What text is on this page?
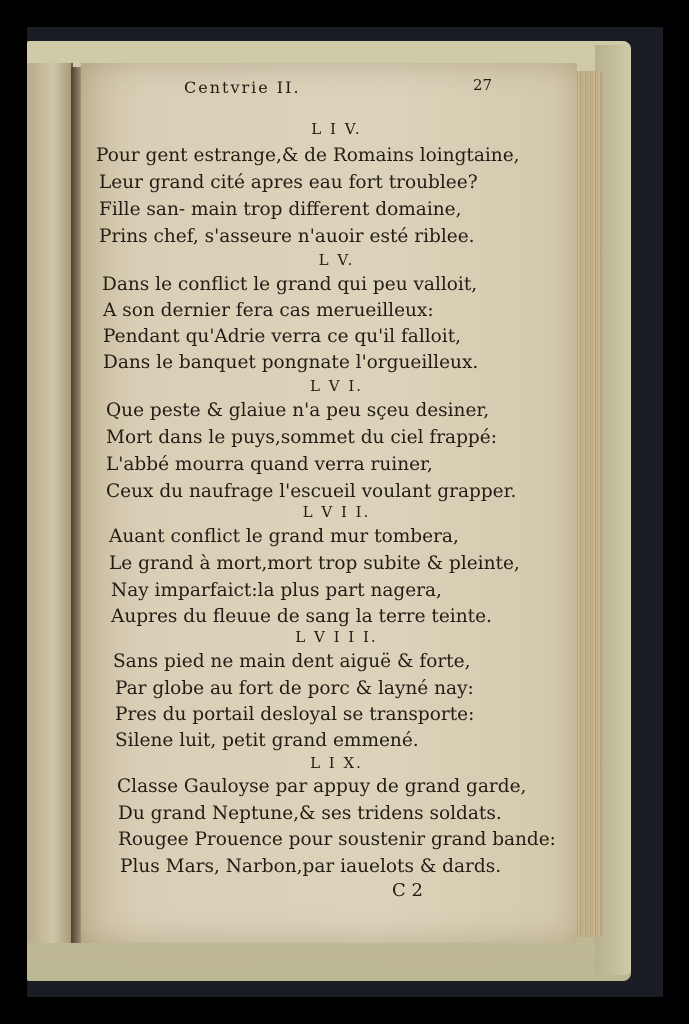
Centvrie II.	27
L I V.
Pour gent estrange,& de Romains loingtaine,
Leur grand cité apres eau fort troublee?
Fille san- main trop different domaine,
Prins chef, s'asseure n'auoir esté riblee.
L V.
Dans le conflict le grand qui peu valloit,
A son dernier fera cas merueilleux:
Pendant qu'Adrie verra ce qu'il falloit,
Dans le banquet pongnate l'orgueilleux.
L V I.
Que peste & glaiue n'a peu sçeu desiner,
Mort dans le puys,sommet du ciel frappé:
L'abbé mourra quand verra ruiner,
Ceux du naufrage l'escueil voulant grapper.
L V I I.
Auant conflict le grand mur tombera,
Le grand à mort,mort trop subite & pleinte,
Nay imparfaict:la plus part nagera,
Aupres du fleuue de sang la terre teinte.
L V I I I.
Sans pied ne main dent aiguë & forte,
Par globe au fort de porc & layné nay:
Pres du portail desloyal se transporte:
Silene luit, petit grand emmené.
L I X.
Classe Gauloyse par appuy de grand garde,
Du grand Neptune,& ses tridens soldats.
Rougee Prouence pour soustenir grand bande:
Plus Mars, Narbon,par iauelots & dards.
C 2
